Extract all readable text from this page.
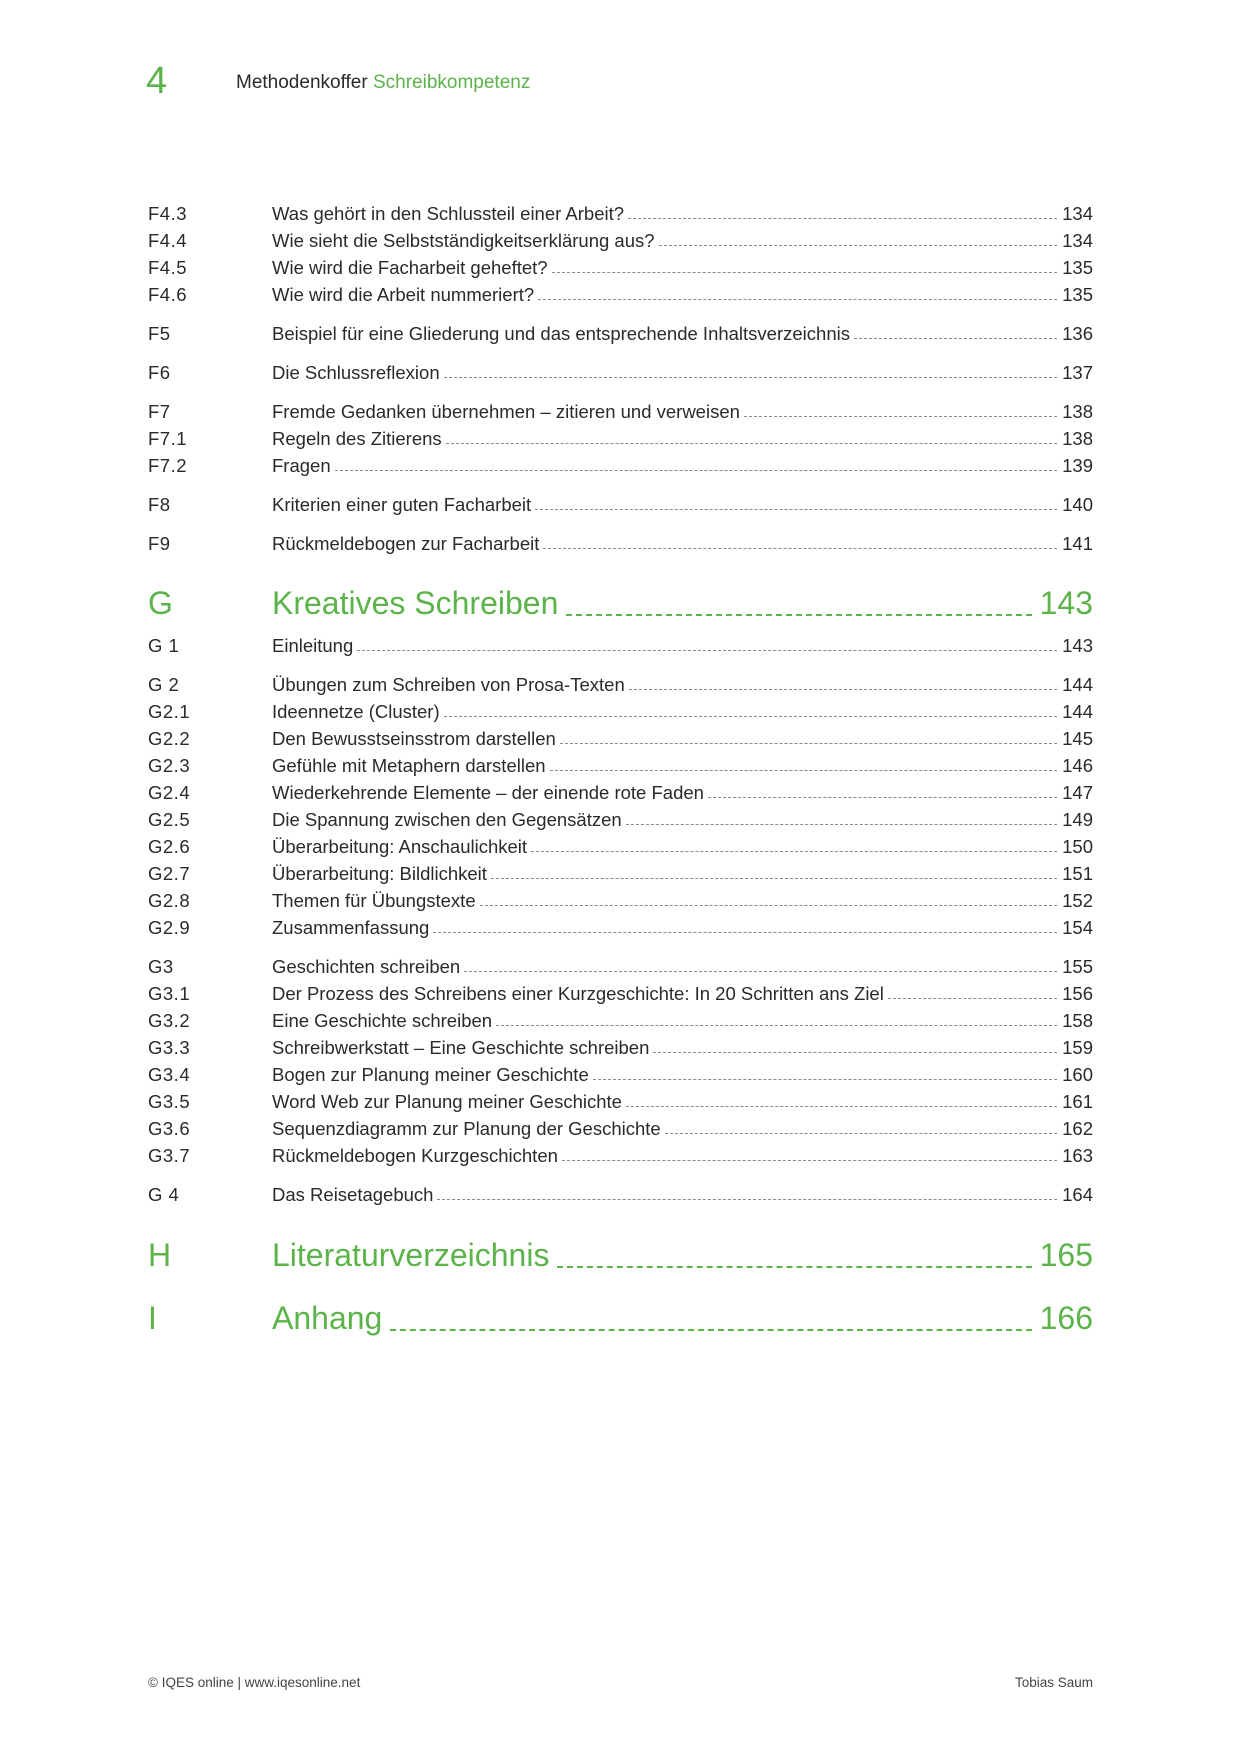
4	Methodenkoffer Schreibkompetenz
F4.3	Was gehört in den Schlussteil einer Arbeit?	134
F4.4	Wie sieht die Selbstständigkeitserklärung aus?	134
F4.5	Wie wird die Facharbeit geheftet?	135
F4.6	Wie wird die Arbeit nummeriert?	135
F5	Beispiel für eine Gliederung und das entsprechende Inhaltsverzeichnis	136
F6	Die Schlussreflexion	137
F7	Fremde Gedanken übernehmen – zitieren und verweisen	138
F7.1	Regeln des Zitierens	138
F7.2	Fragen	139
F8	Kriterien einer guten Facharbeit	140
F9	Rückmeldebogen zur Facharbeit	141
G	Kreatives Schreiben	143
G 1	Einleitung	143
G 2	Übungen zum Schreiben von Prosa-Texten	144
G2.1	Ideennetze (Cluster)	144
G2.2	Den Bewusstseinsstrom darstellen	145
G2.3	Gefühle mit Metaphern darstellen	146
G2.4	Wiederkehrende Elemente – der einende rote Faden	147
G2.5	Die Spannung zwischen den Gegensätzen	149
G2.6	Überarbeitung: Anschaulichkeit	150
G2.7	Überarbeitung: Bildlichkeit	151
G2.8	Themen für Übungstexte	152
G2.9	Zusammenfassung	154
G3	Geschichten schreiben	155
G3.1	Der Prozess des Schreibens einer Kurzgeschichte: In 20 Schritten ans Ziel	156
G3.2	Eine Geschichte schreiben	158
G3.3	Schreibwerkstatt – Eine Geschichte schreiben	159
G3.4	Bogen zur Planung meiner Geschichte	160
G3.5	Word Web zur Planung meiner Geschichte	161
G3.6	Sequenzdiagramm zur Planung der Geschichte	162
G3.7	Rückmeldebogen Kurzgeschichten	163
G 4	Das Reisetagebuch	164
H	Literaturverzeichnis	165
I	Anhang	166
© IQES online | www.iqesonline.net	Tobias Saum
